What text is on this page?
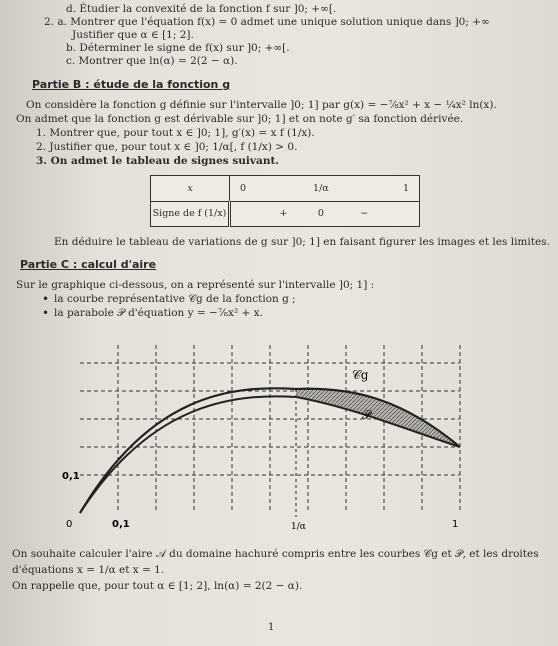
d. Étudier la convexité de la fonction f sur ]0; +∞[.
2. a. Montrer que l'équation f(x) = 0 admet une unique solution unique dans ]0; +∞
Justifier que α ∈ [1; 2].
b. Déterminer le signe de f(x) sur ]0; +∞[.
c. Montrer que ln(α) = 2(2 − α).
Partie B : étude de la fonction g
On considère la fonction g définie sur l'intervalle ]0; 1] par g(x) = −⁷⁄₈x² + x − ¼x² ln(x).
On admet que la fonction g est dérivable sur ]0; 1] et on note g′ sa fonction dérivée.
1. Montrer que, pour tout x ∈ ]0; 1], g′(x) = x f (1/x).
2. Justifier que, pour tout x ∈ ]0; 1/α[, f (1/x) > 0.
3. On admet le tableau de signes suivant.
x	0	1/α	1
Signe de f (1/x)	+	0	−
En déduire le tableau de variations de g sur ]0; 1] en faisant figurer les images et les limites.
Partie C : calcul d'aire
Sur le graphique ci-dessous, on a représenté sur l'intervalle ]0; 1] :
• la courbe représentative 𝒞g de la fonction g ;
• la parabole 𝒫 d'équation y = −⁷⁄₈x² + x.
𝒞g
𝒫
0,1
0	0,1	1/α	1
On souhaite calculer l'aire 𝒜 du domaine hachuré compris entre les courbes 𝒞g et 𝒫, et les droites
d'équations x = 1/α et x = 1.
On rappelle que, pour tout α ∈ [1; 2], ln(α) = 2(2 − α).
1
